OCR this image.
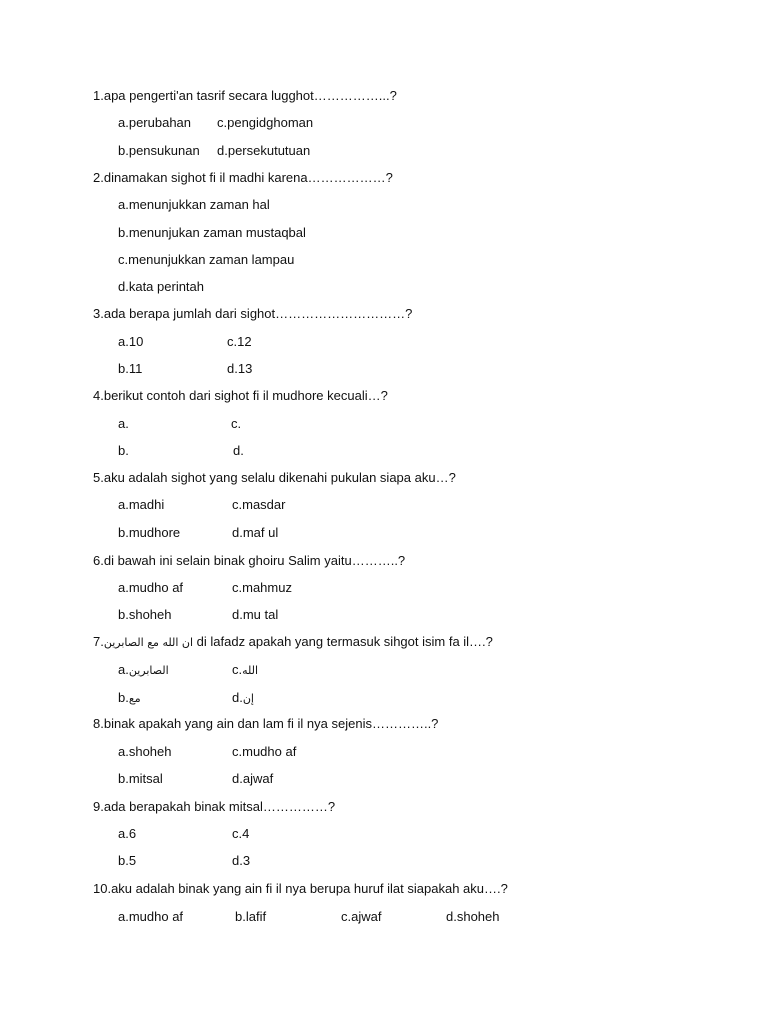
1.apa pengerti'an tasrif secara lugghot……………...?
a.perubahan c.pengidghoman
b.pensukunan d.persekututuan
2.dinamakan sighot fi il madhi karena………………?
a.menunjukkan zaman hal
b.menunjukan zaman mustaqbal
c.menunjukkan zaman lampau
d.kata perintah
3.ada berapa jumlah dari sighot…………………………?
a.10	c.12
b.11	d.13
4.berikut contoh dari sighot fi il mudhore kecuali…?
a.	c.
b.	d.
5.aku adalah sighot yang selalu dikenahi pukulan siapa aku…?
a.madhi	c.masdar
b.mudhore	d.maf ul
6.di bawah ini selain binak ghoiru Salim yaitu………..?
a.mudho af	c.mahmuz
b.shoheh	d.mu tal
7.ان الله مع الصابرين di lafadz apakah yang termasuk sihgot isim fa il….?
a.الصابرين	c.الله
b.مع	d.إن
8.binak apakah yang ain dan lam fi il nya sejenis…………..?
a.shoheh	c.mudho af
b.mitsal	d.ajwaf
9.ada berapakah binak mitsal……………?
a.6	c.4
b.5	d.3
10.aku adalah binak yang ain fi il nya berupa huruf ilat siapakah aku….?
a.mudho af	b.lafif	c.ajwaf	d.shoheh
